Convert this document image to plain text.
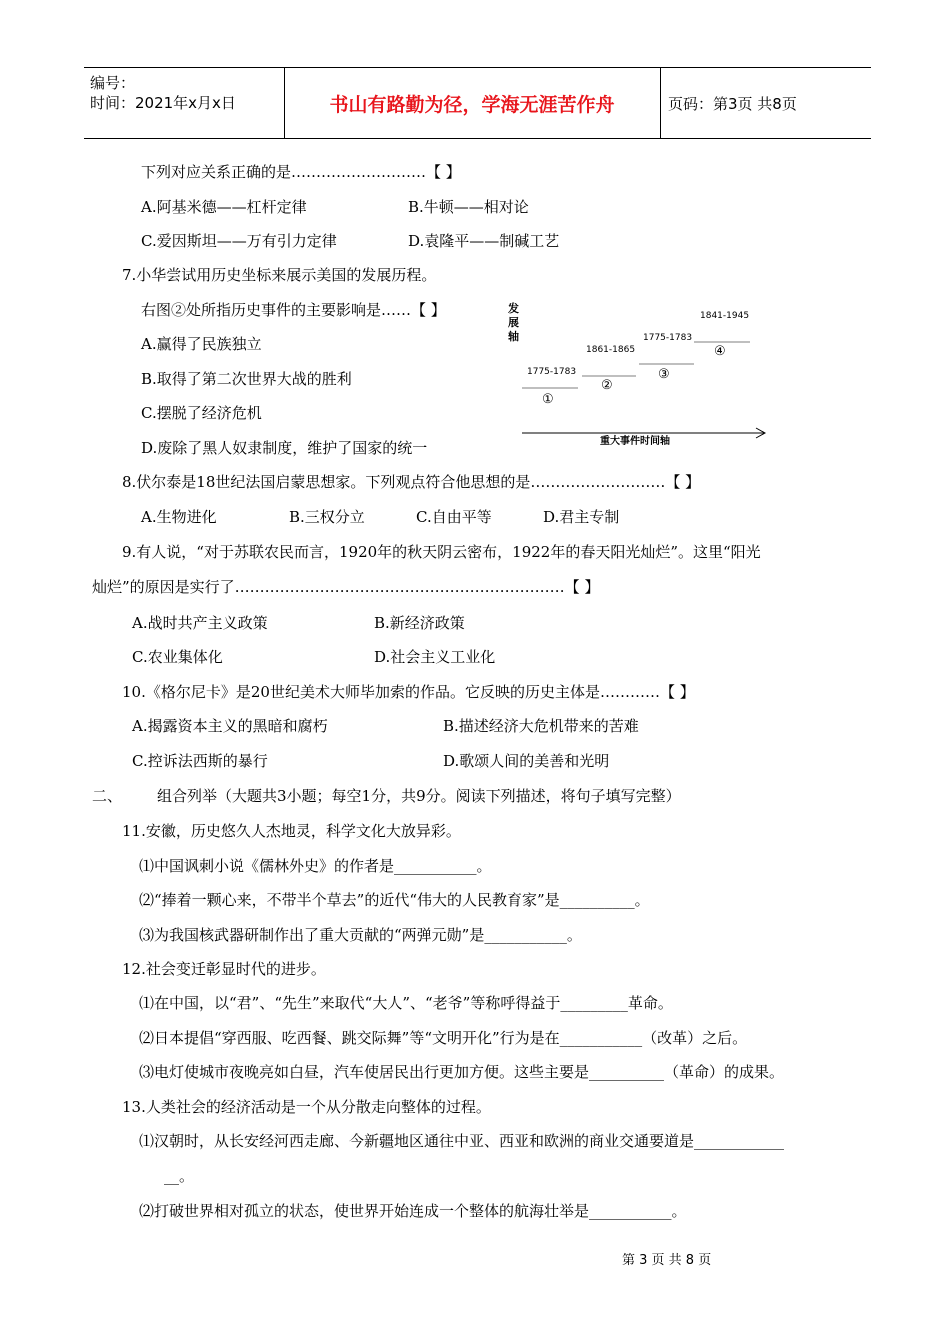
编号：
时间：2021年x月x日	书山有路勤为径，学海无涯苦作舟	页码：第3页 共8页
下列对应关系正确的是………………………【 】
A.阿基米德——杠杆定律	B.牛顿——相对论
C.爱因斯坦——万有引力定律	D.袁隆平——制碱工艺
7.小华尝试用历史坐标来展示美国的发展历程。
右图②处所指历史事件的主要影响是……【 】
A.赢得了民族独立
B.取得了第二次世界大战的胜利
C.摆脱了经济危机
D.废除了黑人奴隶制度，维护了国家的统一
发
展
轴
1775-1783
①
1861-1865
②
1775-1783
③
1841-1945
④
重大事件时间轴
8.伏尔泰是18世纪法国启蒙思想家。下列观点符合他思想的是………………………【 】
A.生物进化	B.三权分立	C.自由平等	D.君主专制
9.有人说，“对于苏联农民而言，1920年的秋天阴云密布，1922年的春天阳光灿烂”。这里“阳光
灿烂”的原因是实行了…………………………………………………………【 】
A.战时共产主义政策	B.新经济政策
C.农业集体化	D.社会主义工业化
10.《格尔尼卡》是20世纪美术大师毕加索的作品。它反映的历史主体是…………【 】
A.揭露资本主义的黑暗和腐朽	B.描述经济大危机带来的苦难
C.控诉法西斯的暴行	D.歌颂人间的美善和光明
二、 组合列举（大题共3小题；每空1分，共9分。阅读下列描述，将句子填写完整）
11.安徽，历史悠久人杰地灵，科学文化大放异彩。
⑴中国讽刺小说《儒林外史》的作者是___________。
⑵“捧着一颗心来，不带半个草去”的近代“伟大的人民教育家”是__________。
⑶为我国核武器研制作出了重大贡献的“两弹元勋”是___________。
12.社会变迁彰显时代的进步。
⑴在中国，以“君”、“先生”来取代“大人”、“老爷”等称呼得益于_________革命。
⑵日本提倡“穿西服、吃西餐、跳交际舞”等“文明开化”行为是在___________（改革）之后。
⑶电灯使城市夜晚亮如白昼，汽车使居民出行更加方便。这些主要是__________（革命）的成果。
13.人类社会的经济活动是一个从分散走向整体的过程。
⑴汉朝时，从长安经河西走廊、今新疆地区通往中亚、西亚和欧洲的商业交通要道是____________
__。
⑵打破世界相对孤立的状态，使世界开始连成一个整体的航海壮举是___________。
第 3 页 共 8 页
